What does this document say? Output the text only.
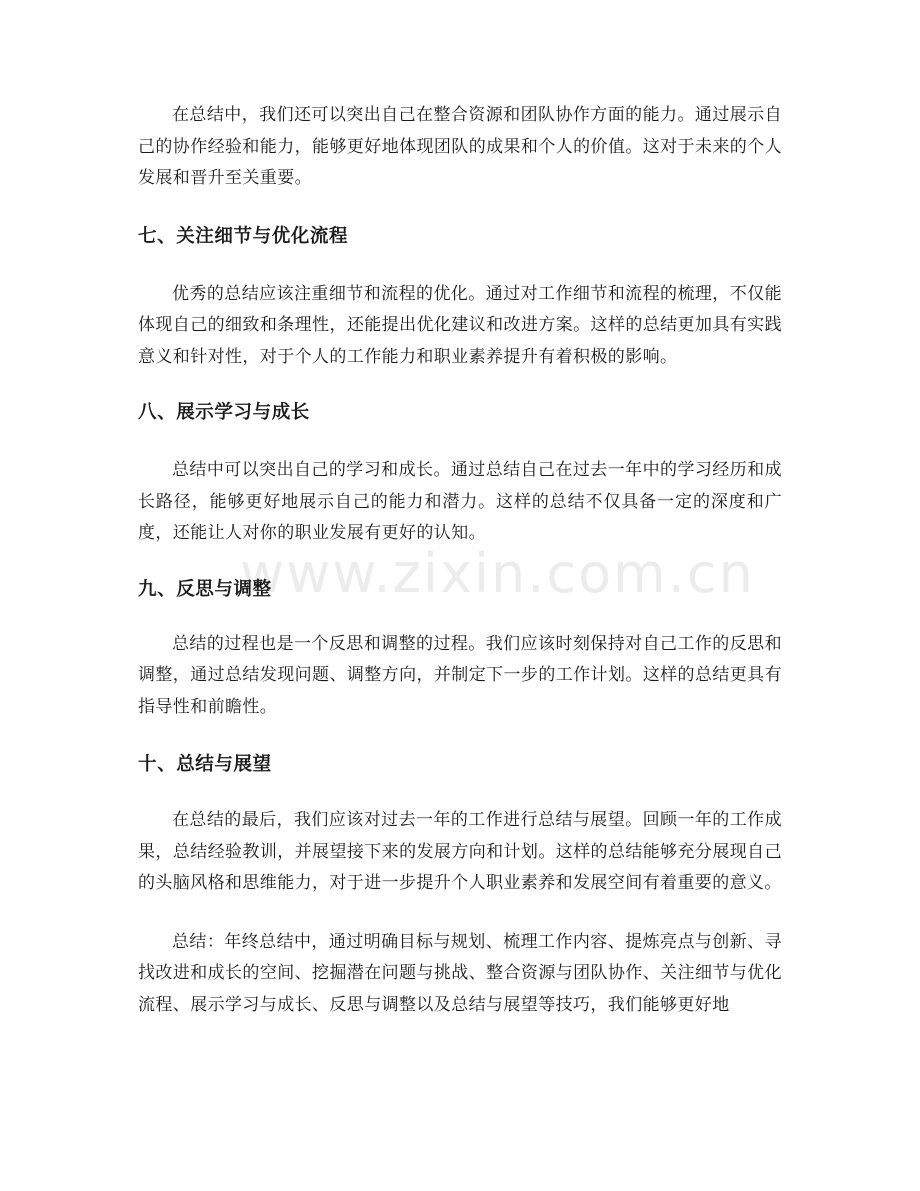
www.zixin.com.cn

在总结中，我们还可以突出自己在整合资源和团队协作方面的能力。通过展示自己的协作经验和能力，能够更好地体现团队的成果和个人的价值。这对于未来的个人发展和晋升至关重要。

七、关注细节与优化流程

优秀的总结应该注重细节和流程的优化。通过对工作细节和流程的梳理，不仅能体现自己的细致和条理性，还能提出优化建议和改进方案。这样的总结更加具有实践意义和针对性，对于个人的工作能力和职业素养提升有着积极的影响。

八、展示学习与成长

总结中可以突出自己的学习和成长。通过总结自己在过去一年中的学习经历和成长路径，能够更好地展示自己的能力和潜力。这样的总结不仅具备一定的深度和广度，还能让人对你的职业发展有更好的认知。

九、反思与调整

总结的过程也是一个反思和调整的过程。我们应该时刻保持对自己工作的反思和调整，通过总结发现问题、调整方向，并制定下一步的工作计划。这样的总结更具有指导性和前瞻性。

十、总结与展望

在总结的最后，我们应该对过去一年的工作进行总结与展望。回顾一年的工作成果，总结经验教训，并展望接下来的发展方向和计划。这样的总结能够充分展现自己的头脑风格和思维能力，对于进一步提升个人职业素养和发展空间有着重要的意义。

总结：年终总结中，通过明确目标与规划、梳理工作内容、提炼亮点与创新、寻找改进和成长的空间、挖掘潜在问题与挑战、整合资源与团队协作、关注细节与优化流程、展示学习与成长、反思与调整以及总结与展望等技巧，我们能够更好地
